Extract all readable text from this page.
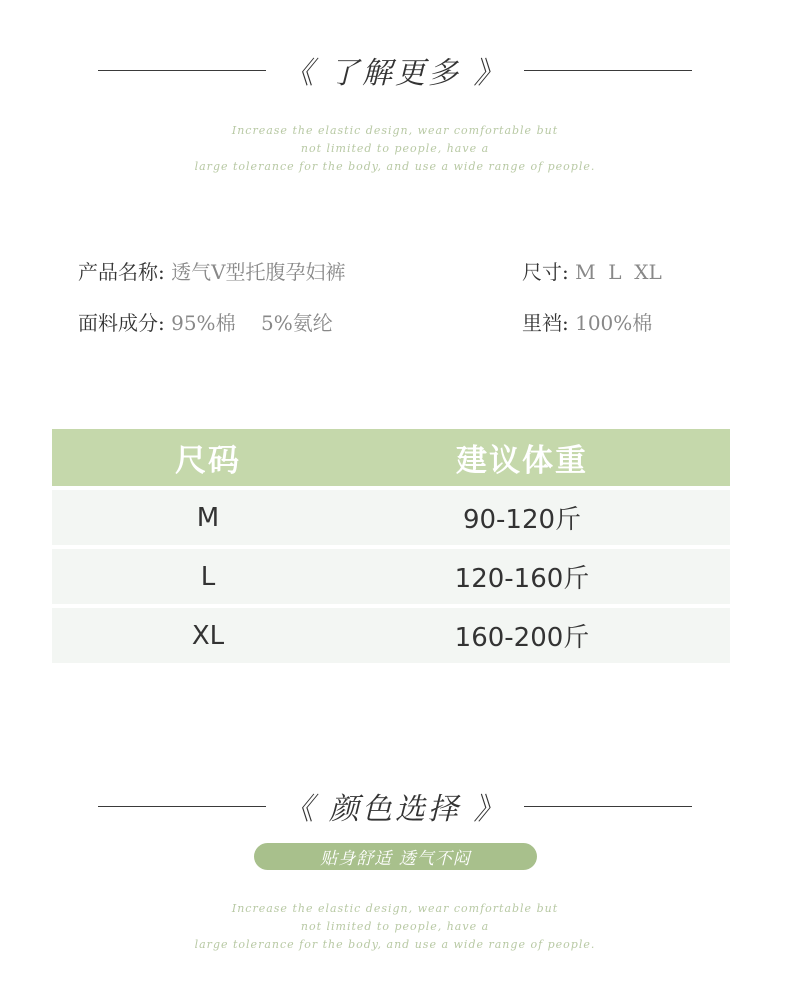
《 了解更多 》
Increase the elastic design, wear comfortable but
not limited to people, have a
large tolerance for the body, and use a wide range of people.
产品名称: 透气V型托腹孕妇裤	尺寸: M  L  XL
面料成分: 95%棉    5%氨纶	里裆: 100%棉
尺码	建议体重
M	90-120斤
L	120-160斤
XL	160-200斤
《 颜色选择 》
贴身舒适 透气不闷
Increase the elastic design, wear comfortable but
not limited to people, have a
large tolerance for the body, and use a wide range of people.
